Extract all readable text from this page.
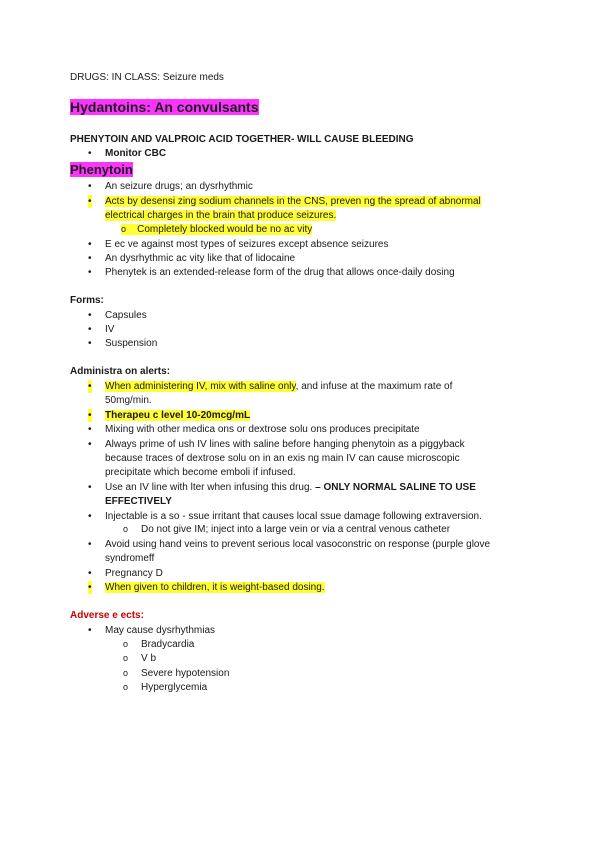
DRUGS: IN CLASS: Seizure meds
Hydantoins: An convulsants
PHENYTOIN AND VALPROIC ACID TOGETHER- WILL CAUSE BLEEDING
• Monitor CBC
Phenytoin
• An seizure drugs; an dysrhythmic
• Acts by desensi zing sodium channels in the CNS, preven ng the spread of abnormal
electrical charges in the brain that produce seizures.
o Completely blocked would be no ac vity
• E ec ve against most types of seizures except absence seizures
• An dysrhythmic ac vity like that of lidocaine
• Phenytek is an extended-release form of the drug that allows once-daily dosing
Forms:
• Capsules
• IV
• Suspension
Administra on alerts:
• When administering IV, mix with saline only, and infuse at the maximum rate of
50mg/min.
• Therapeu c level 10-20mcg/mL
• Mixing with other medica ons or dextrose solu ons produces precipitate
• Always prime of ush IV lines with saline before hanging phenytoin as a piggyback
because traces of dextrose solu on in an exis ng main IV can cause microscopic
precipitate which become emboli if infused.
• Use an IV line with lter when infusing this drug. – ONLY NORMAL SALINE TO USE
EFFECTIVELY
• Injectable is a so - ssue irritant that causes local ssue damage following extraversion.
o Do not give IM; inject into a large vein or via a central venous catheter
• Avoid using hand veins to prevent serious local vasoconstric on response (purple glove
syndromeff
• Pregnancy D
• When given to children, it is weight-based dosing.
Adverse e ects:
• May cause dysrhythmias
o Bradycardia
o V b
o Severe hypotension
o Hyperglycemia
